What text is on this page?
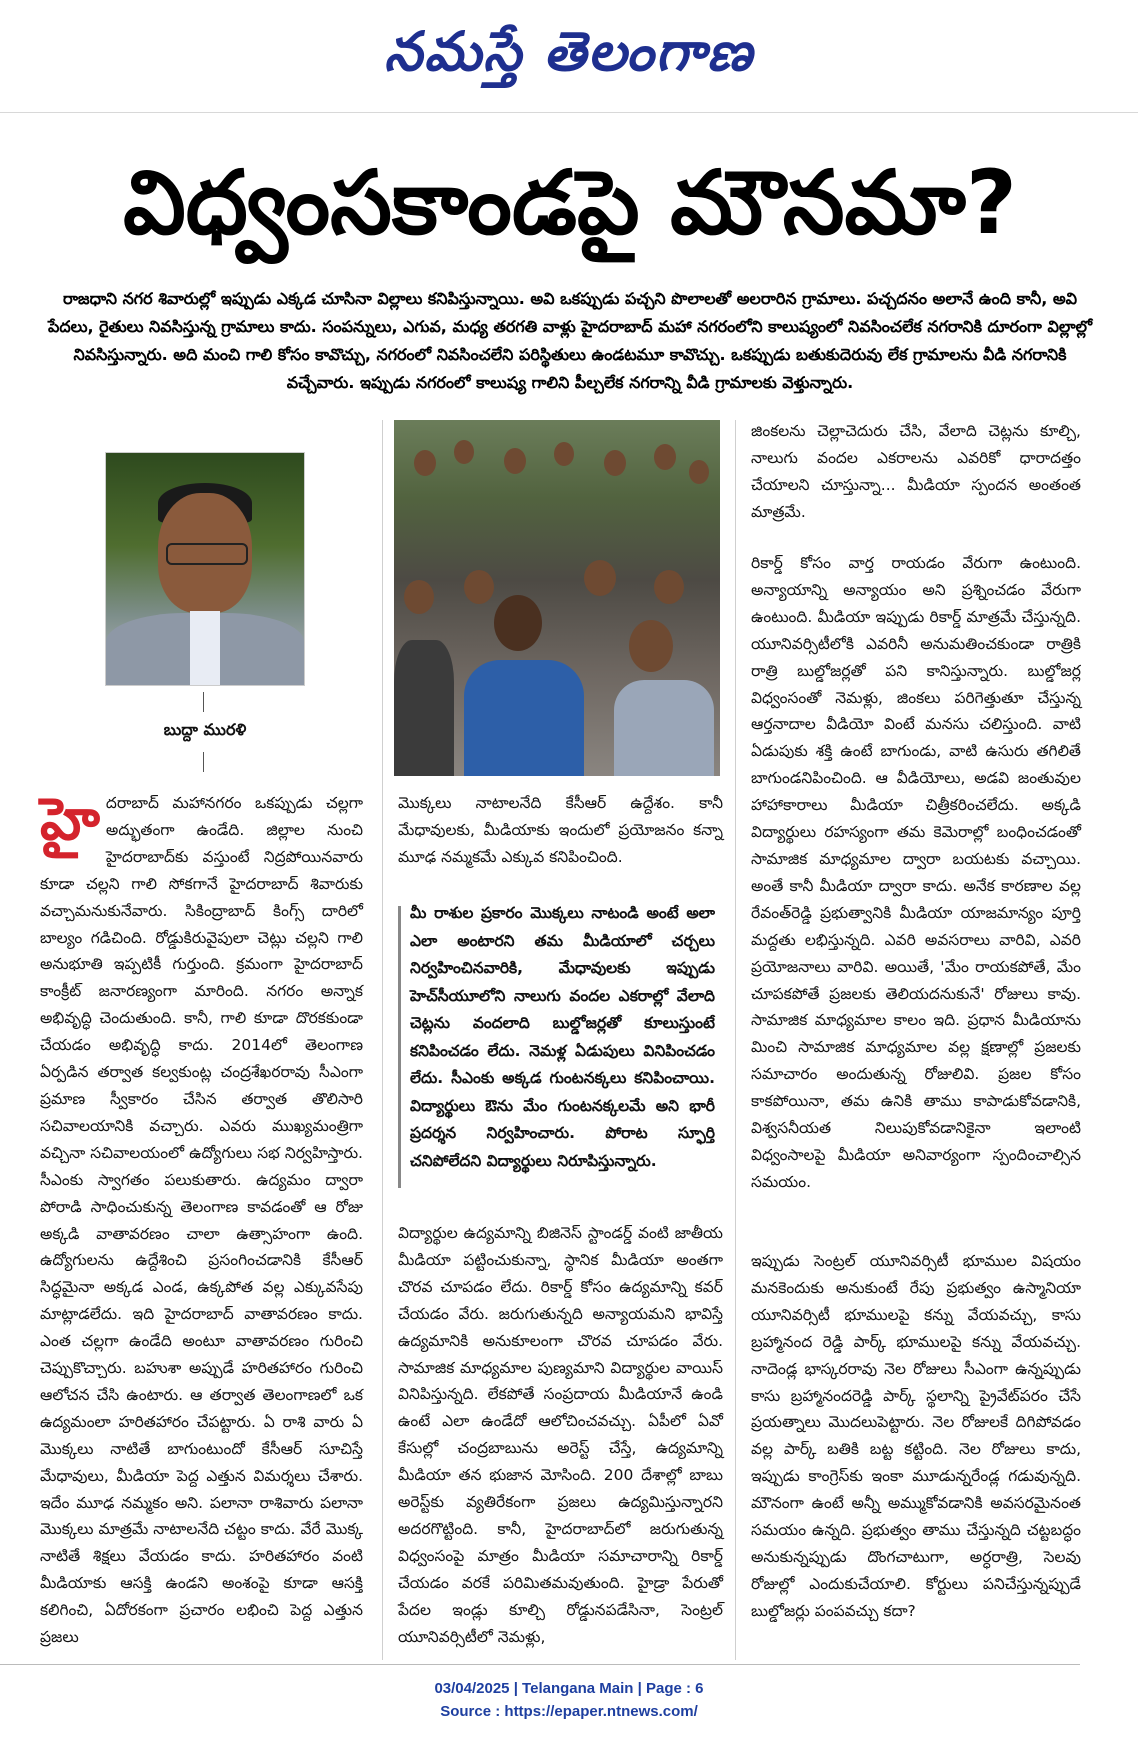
నమస్తే తెలంగాణ
విధ్వంసకాండపై మౌనమా?
రాజధాని నగర శివారుల్లో ఇప్పుడు ఎక్కడ చూసినా విల్లాలు కనిపిస్తున్నాయి. అవి ఒకప్పుడు పచ్చని పొలాలతో అలరారిన గ్రామాలు. పచ్చదనం అలానే ఉంది కానీ, అవి పేదలు, రైతులు నివసిస్తున్న గ్రామాలు కాదు. సంపన్నులు, ఎగువ, మధ్య తరగతి వాళ్లు హైదరాబాద్ మహా నగరంలోని కాలుష్యంలో నివసించలేక నగరానికి దూరంగా విల్లాల్లో నివసిస్తున్నారు. అది మంచి గాలి కోసం కావొచ్చు, నగరంలో నివసించలేని పరిస్థితులు ఉండటమూ కావొచ్చు. ఒకప్పుడు బతుకుదెరువు లేక గ్రామాలను వీడి నగరానికి వచ్చేవారు. ఇప్పుడు నగరంలో కాలుష్య గాలిని పీల్చలేక నగరాన్ని వీడి గ్రామాలకు వెళ్తున్నారు.
బుద్దా మురళి

హైదరాబాద్ మహానగరం ఒకప్పుడు చల్లగా అద్భుతంగా ఉండేది. జిల్లాల నుంచి హైదరాబాద్‌కు వస్తుంటే నిద్రపోయినవారు కూడా చల్లని గాలి సోకగానే హైదరాబాద్ శివారుకు వచ్చామనుకునేవారు. సికింద్రాబాద్ కింగ్స్ దారిలో బాల్యం గడిచింది. రోడ్డుకిరువైపులా చెట్లు చల్లని గాలి అనుభూతి ఇప్పటికీ గుర్తుంది. క్రమంగా హైదరాబాద్ కాంక్రీట్ జనారణ్యంగా మారింది. నగరం అన్నాక అభివృద్ధి చెందుతుంది. కానీ, గాలి కూడా దొరకకుండా చేయడం అభివృద్ధి కాదు. 2014లో తెలంగాణ ఏర్పడిన తర్వాత కల్వకుంట్ల చంద్రశేఖరరావు సీఎంగా ప్రమాణ స్వీకారం చేసిన తర్వాత తొలిసారి సచివాలయానికి వచ్చారు. ఎవరు ముఖ్యమంత్రిగా వచ్చినా సచివాలయంలో ఉద్యోగులు సభ నిర్వహిస్తారు. సీఎంకు స్వాగతం పలుకుతారు. ఉద్యమం ద్వారా పోరాడి సాధించుకున్న తెలంగాణ కావడంతో ఆ రోజు అక్కడి వాతావరణం చాలా ఉత్సాహంగా ఉంది. ఉద్యోగులను ఉద్దేశించి ప్రసంగించడానికి కేసీఆర్ సిద్ధమైనా అక్కడ ఎండ, ఉక్కపోత వల్ల ఎక్కువసేపు మాట్లాడలేదు. ఇది హైదరాబాద్ వాతావరణం కాదు. ఎంత చల్లగా ఉండేది అంటూ వాతావరణం గురించి చెప్పుకొచ్చారు. బహుశా అప్పుడే హరితహారం గురించి ఆలోచన చేసి ఉంటారు. ఆ తర్వాత తెలంగాణలో ఒక ఉద్యమంలా హరితహారం చేపట్టారు. ఏ రాశి వారు ఏ మొక్కలు నాటితే బాగుంటుందో కేసీఆర్ సూచిస్తే మేధావులు, మీడియా పెద్ద ఎత్తున విమర్శలు చేశారు. ఇదేం మూఢ నమ్మకం అని. పలానా రాశివారు పలానా మొక్కలు మాత్రమే నాటాలనేది చట్టం కాదు. వేరే మొక్క నాటితే శిక్షలు వేయడం కాదు. హరితహారం వంటి మీడియాకు ఆసక్తి ఉండని అంశంపై కూడా ఆసక్తి కలిగించి, ఏదోరకంగా ప్రచారం లభించి పెద్ద ఎత్తున ప్రజలు

మొక్కలు నాటాలనేది కేసీఆర్ ఉద్దేశం. కానీ మేధావులకు, మీడియాకు ఇందులో ప్రయోజనం కన్నా మూఢ నమ్మకమే ఎక్కువ కనిపించింది.

మీ రాశుల ప్రకారం మొక్కలు నాటండి అంటే అలా ఎలా అంటారని తమ మీడియాలో చర్చలు నిర్వహించినవారికి, మేధావులకు ఇప్పుడు హెచ్‌సీయూలోని నాలుగు వందల ఎకరాల్లో వేలాది చెట్లను వందలాది బుల్డోజర్లతో కూలుస్తుంటే కనిపించడం లేదు. నెమళ్ల ఏడుపులు వినిపించడం లేదు. సీఎంకు అక్కడ గుంటనక్కలు కనిపించాయి. విద్యార్థులు ఔను మేం గుంటనక్కలమే అని భారీ ప్రదర్శన నిర్వహించారు. పోరాట స్ఫూర్తి చనిపోలేదని విద్యార్థులు నిరూపిస్తున్నారు.

విద్యార్థుల ఉద్యమాన్ని బిజినెస్ స్టాండర్డ్ వంటి జాతీయ మీడియా పట్టించుకున్నా, స్థానిక మీడియా అంతగా చొరవ చూపడం లేదు. రికార్డ్ కోసం ఉద్యమాన్ని కవర్ చేయడం వేరు. జరుగుతున్నది అన్యాయమని భావిస్తే ఉద్యమానికి అనుకూలంగా చొరవ చూపడం వేరు. సామాజిక మాధ్యమాల పుణ్యమాని విద్యార్థుల వాయిస్ వినిపిస్తున్నది. లేకపోతే సంప్రదాయ మీడియానే ఉండి ఉంటే ఎలా ఉండేదో ఆలోచించవచ్చు. ఏపీలో ఏవో కేసుల్లో చంద్రబాబును అరెస్ట్ చేస్తే, ఉద్యమాన్ని మీడియా తన భుజాన మోసింది. 200 దేశాల్లో బాబు అరెస్ట్‌కు వ్యతిరేకంగా ప్రజలు ఉద్యమిస్తున్నారని అదరగొట్టింది. కానీ, హైదరాబాద్‌లో జరుగుతున్న విధ్వంసంపై మాత్రం మీడియా సమాచారాన్ని రికార్డ్ చేయడం వరకే పరిమితమవుతుంది. హైడ్రా పేరుతో పేదల ఇండ్లు కూల్చి రోడ్డునపడేసినా, సెంట్రల్ యూనివర్సిటీలో నెమళ్లు,

జింకలను చెల్లాచెదురు చేసి, వేలాది చెట్లను కూల్చి, నాలుగు వందల ఎకరాలను ఎవరికో ధారాదత్తం చేయాలని చూస్తున్నా... మీడియా స్పందన అంతంత మాత్రమే.

రికార్డ్ కోసం వార్త రాయడం వేరుగా ఉంటుంది. అన్యాయాన్ని అన్యాయం అని ప్రశ్నించడం వేరుగా ఉంటుంది. మీడియా ఇప్పుడు రికార్డ్ మాత్రమే చేస్తున్నది. యూనివర్సిటీలోకి ఎవరినీ అనుమతించకుండా రాత్రికి రాత్రి బుల్డోజర్లతో పని కానిస్తున్నారు. బుల్డోజర్ల విధ్వంసంతో నెమళ్లు, జింకలు పరిగెత్తుతూ చేస్తున్న ఆర్తనాదాల వీడియో వింటే మనసు చలిస్తుంది. వాటి ఏడుపుకు శక్తి ఉంటే బాగుండు, వాటి ఉసురు తగిలితే బాగుండనిపించింది. ఆ వీడియోలు, అడవి జంతువుల హాహాకారాలు మీడియా చిత్రీకరించలేదు. అక్కడి విద్యార్థులు రహస్యంగా తమ కెమెరాల్లో బంధించడంతో సామాజిక మాధ్యమాల ద్వారా బయటకు వచ్చాయి. అంతే కానీ మీడియా ద్వారా కాదు. అనేక కారణాల వల్ల రేవంత్‌రెడ్డి ప్రభుత్వానికి మీడియా యాజమాన్యం పూర్తి మద్దతు లభిస్తున్నది. ఎవరి అవసరాలు వారివి, ఎవరి ప్రయోజనాలు వారివి. అయితే, 'మేం రాయకపోతే, మేం చూపకపోతే ప్రజలకు తెలియదనుకునే' రోజులు కావు. సామాజిక మాధ్యమాల కాలం ఇది. ప్రధాన మీడియాను మించి సామాజిక మాధ్యమాల వల్ల క్షణాల్లో ప్రజలకు సమాచారం అందుతున్న రోజులివి. ప్రజల కోసం కాకపోయినా, తమ ఉనికి తాము కాపాడుకోవడానికి, విశ్వసనీయత నిలుపుకోవడానికైనా ఇలాంటి విధ్వంసాలపై మీడియా అనివార్యంగా స్పందించాల్సిన సమయం.

ఇప్పుడు సెంట్రల్ యూనివర్సిటీ భూముల విషయం మనకెందుకు అనుకుంటే రేపు ప్రభుత్వం ఉస్మానియా యూనివర్సిటీ భూములపై కన్ను వేయవచ్చు, కాసు బ్రహ్మానంద రెడ్డి పార్క్ భూములపై కన్ను వేయవచ్చు. నాదెండ్ల భాస్కరరావు నెల రోజులు సీఎంగా ఉన్నప్పుడు కాసు బ్రహ్మానందరెడ్డి పార్క్ స్థలాన్ని ప్రైవేట్‌పరం చేసే ప్రయత్నాలు మొదలుపెట్టారు. నెల రోజులకే దిగిపోవడం వల్ల పార్క్ బతికి బట్ట కట్టింది. నెల రోజులు కాదు, ఇప్పుడు కాంగ్రెస్‌కు ఇంకా మూడున్నరేండ్ల గడువున్నది. మౌనంగా ఉంటే అన్నీ అమ్ముకోవడానికి అవసరమైనంత సమయం ఉన్నది. ప్రభుత్వం తాము చేస్తున్నది చట్టబద్ధం అనుకున్నప్పుడు దొంగచాటుగా, అర్ధరాత్రి, సెలవు రోజుల్లో ఎందుకుచేయాలి. కోర్టులు పనిచేస్తున్నప్పుడే బుల్డోజర్లు పంపవచ్చు కదా?

03/04/2025 | Telangana Main | Page : 6
Source : https://epaper.ntnews.com/
